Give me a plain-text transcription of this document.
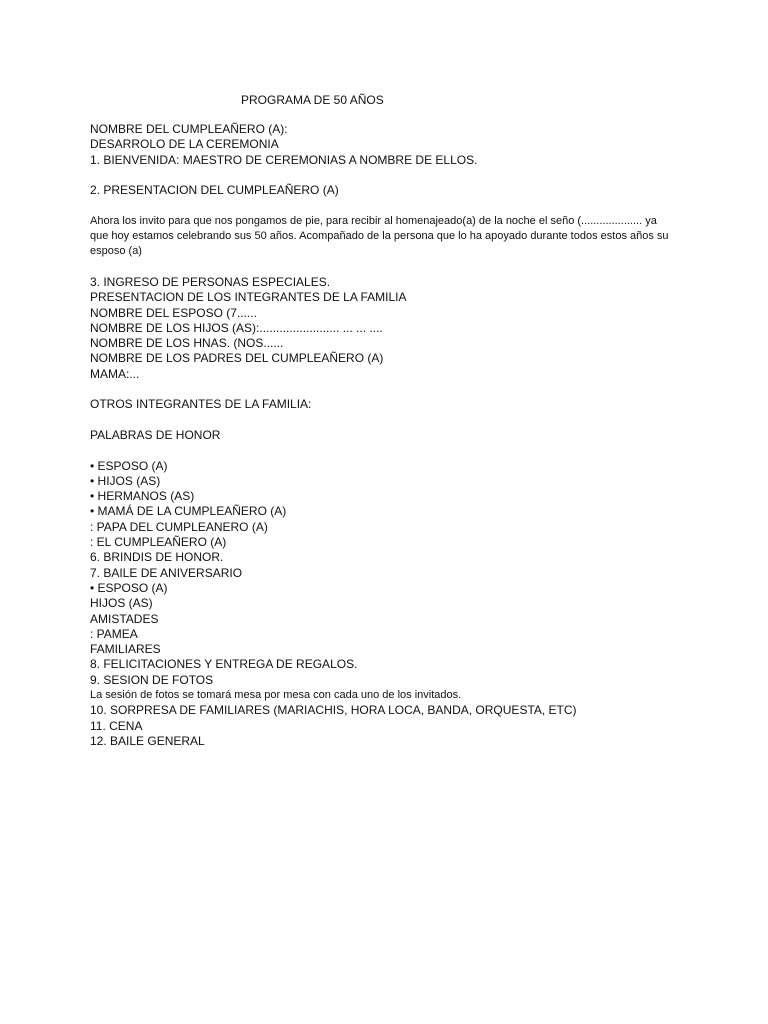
PROGRAMA DE 50 AÑOS
NOMBRE DEL CUMPLEAÑERO (A):
DESARROLO DE LA CEREMONIA
1. BIENVENIDA: MAESTRO DE CEREMONIAS A NOMBRE DE ELLOS.
2. PRESENTACION DEL CUMPLEAÑERO (A)
Ahora los invito para que nos pongamos de pie, para recibir al homenajeado(a) de la noche el seño (.................... ya que hoy estamos celebrando sus 50 años. Acompañado de la persona que lo ha apoyado durante todos estos años su esposo (a)
3. INGRESO DE PERSONAS ESPECIALES.
PRESENTACION DE LOS INTEGRANTES DE LA FAMILIA
NOMBRE DEL ESPOSO (7......
NOMBRE DE LOS HIJOS (AS):........................ ... ... ....
NOMBRE DE LOS HNAS. (NOS......
NOMBRE DE LOS PADRES DEL CUMPLEAÑERO (A)
MAMA:...
OTROS INTEGRANTES DE LA FAMILIA:
PALABRAS DE HONOR
• ESPOSO (A)
• HIJOS (AS)
• HERMANOS (AS)
• MAMÁ DE LA CUMPLEAÑERO (A)
: PAPA DEL CUMPLEANERO (A)
: EL CUMPLEAÑERO (A)
6. BRINDIS DE HONOR.
7. BAILE DE ANIVERSARIO
• ESPOSO (A)
HIJOS (AS)
AMISTADES
: PAMEA
FAMILIARES
8. FELICITACIONES Y ENTREGA DE REGALOS.
9. SESION DE FOTOS
La sesión de fotos se tomará mesa por mesa con cada uno de los invitados.
10. SORPRESA DE FAMILIARES (MARIACHIS, HORA LOCA, BANDA, ORQUESTA, ETC)
11. CENA
12. BAILE GENERAL
